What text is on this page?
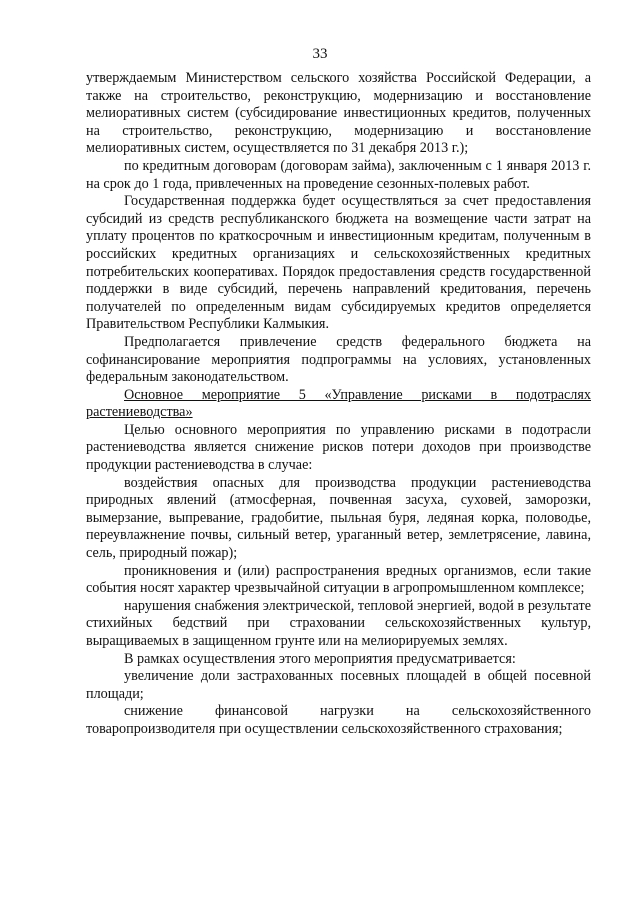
33

утверждаемым Министерством сельского хозяйства Российской Федерации, а также на строительство, реконструкцию, модернизацию и восстановление мелиоративных систем (субсидирование инвестиционных кредитов, полученных на строительство, реконструкцию, модернизацию и восстановление мелиоративных систем, осуществляется по 31 декабря 2013 г.);

по кредитным договорам (договорам займа), заключенным с 1 января 2013 г. на срок до 1 года, привлеченных на проведение сезонных-полевых работ.

Государственная поддержка будет осуществляться за счет предоставления субсидий из средств республиканского бюджета на возмещение части затрат на уплату процентов по краткосрочным и инвестиционным кредитам, полученным в российских кредитных организациях и сельскохозяйственных кредитных потребительских кооперативах. Порядок предоставления средств государственной поддержки в виде субсидий, перечень направлений кредитования, перечень получателей по определенным видам субсидируемых кредитов определяется Правительством Республики Калмыкия.

Предполагается привлечение средств федерального бюджета на софинансирование мероприятия подпрограммы на условиях, установленных федеральным законодательством.

Основное мероприятие 5 «Управление рисками в подотраслях растениеводства»

Целью основного мероприятия по управлению рисками в подотрасли растениеводства является снижение рисков потери доходов при производстве продукции растениеводства в случае:

воздействия опасных для производства продукции растениеводства природных явлений (атмосферная, почвенная засуха, суховей, заморозки, вымерзание, выпревание, градобитие, пыльная буря, ледяная корка, половодье, переувлажнение почвы, сильный ветер, ураганный ветер, землетрясение, лавина, сель, природный пожар);

проникновения и (или) распространения вредных организмов, если такие события носят характер чрезвычайной ситуации в агропромышленном комплексе;

нарушения снабжения электрической, тепловой энергией, водой в результате стихийных бедствий при страховании сельскохозяйственных культур, выращиваемых в защищенном грунте или на мелиорируемых землях.

В рамках осуществления этого мероприятия предусматривается:

увеличение доли застрахованных посевных площадей в общей посевной площади;

снижение финансовой нагрузки на сельскохозяйственного товаропроизводителя при осуществлении сельскохозяйственного страхования;
